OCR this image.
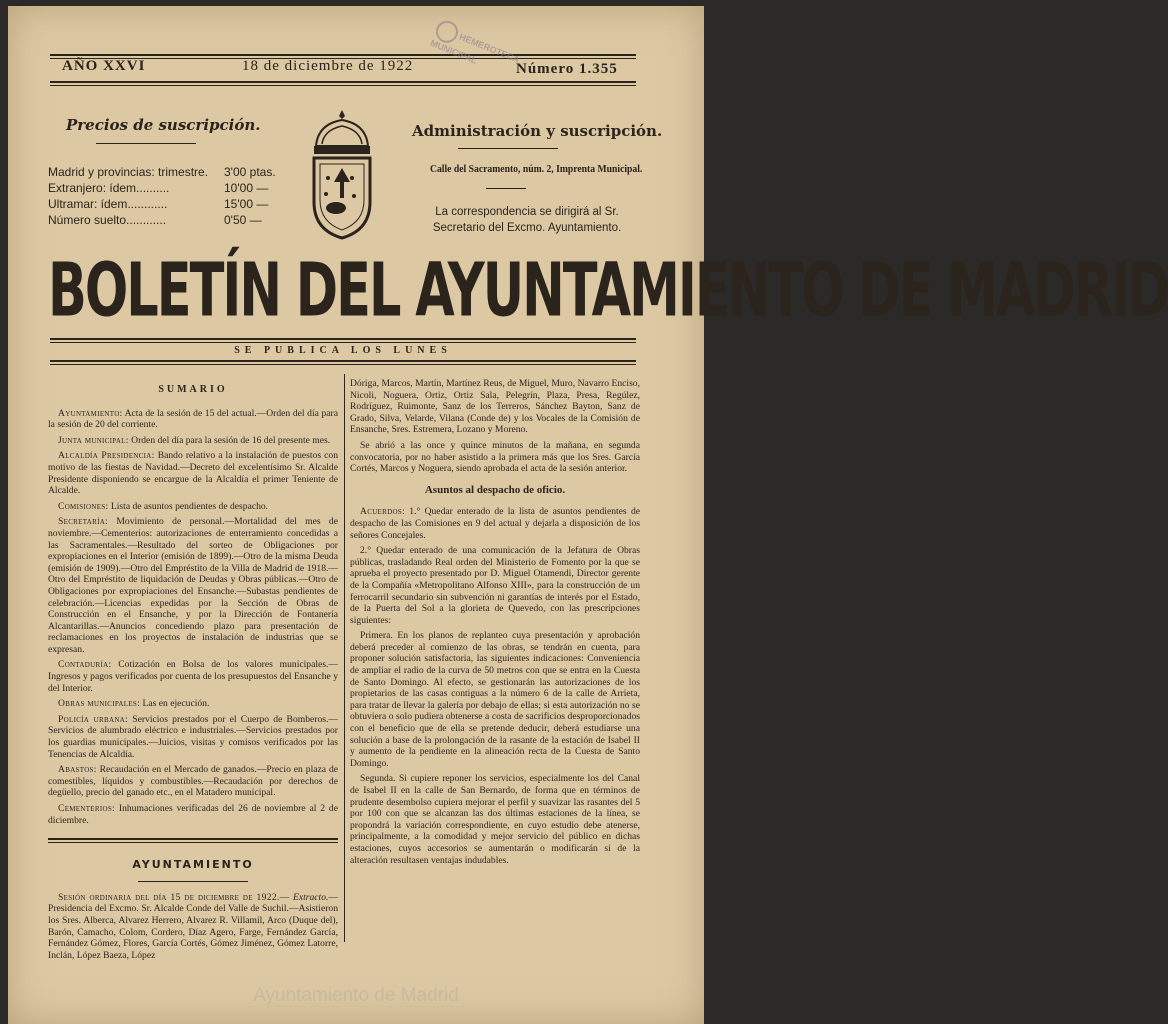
AÑO XXVI	18 de diciembre de 1922	Número 1.355
HEMEROTECA MUNICIPAL
Precios de suscripción.
Madrid y provincias: trimestre. 3'00 ptas.
Extranjero: ídem..........	10'00 —
Ultramar: ídem............	15'00 —
Número suelto............	0'50 —
Administración y suscripción.
Calle del Sacramento, núm. 2, Imprenta Municipal.
La correspondencia se dirigirá al Sr. Secretario del Excmo. Ayuntamiento.
BOLETÍN DEL AYUNTAMIENTO DE MADRID
SE PUBLICA LOS LUNES
SUMARIO

Ayuntamiento: Acta de la sesión de 15 del actual.—Orden del día para la sesión de 20 del corriente.

Junta municipal: Orden del día para la sesión de 16 del presente mes.

Alcaldía Presidencia: Bando relativo a la instalación de puestos con motivo de las fiestas de Navidad.—Decreto del excelentísimo Sr. Alcalde Presidente disponiendo se encargue de la Alcaldía el primer Teniente de Alcalde.

Comisiones: Lista de asuntos pendientes de despacho.

Secretaría: Movimiento de personal.—Mortalidad del mes de noviembre.—Cementerios: autorizaciones de enterramiento concedidas a las Sacramentales.—Resultado del sorteo de Obligaciones por expropiaciones en el Interior (emisión de 1899).—Otro de la misma Deuda (emisión de 1909).—Otro del Empréstito de la Villa de Madrid de 1918.—Otro del Empréstito de liquidación de Deudas y Obras públicas.—Otro de Obligaciones por expropiaciones del Ensanche.—Subastas pendientes de celebración.—Licencias expedidas por la Sección de Obras de Construcción en el Ensanche, y por la Dirección de Fontanería Alcantarillas.—Anuncios concediendo plazo para presentación de reclamaciones en los proyectos de instalación de industrias que se expresan.

Contaduría: Cotización en Bolsa de los valores municipales.—Ingresos y pagos verificados por cuenta de los presupuestos del Ensanche y del Interior.

Obras municipales: Las en ejecución.

Policía urbana: Servicios prestados por el Cuerpo de Bomberos.—Servicios de alumbrado eléctrico e industriales.—Servicios prestados por los guardias municipales.—Juicios, visitas y comisos verificados por las Tenencias de Alcaldía.

Abastos: Recaudación en el Mercado de ganados.—Precio en plaza de comestibles, líquidos y combustibles.—Recaudación por derechos de degüello, precio del ganado etc., en el Matadero municipal.

Cementerios: Inhumaciones verificadas del 26 de noviembre al 2 de diciembre.

AYUNTAMIENTO

Sesión ordinaria del día 15 de diciembre de 1922.— Extracto.—Presidencia del Excmo. Sr. Alcalde Conde del Valle de Suchil.—Asistieron los Sres. Alberca, Alvarez Herrero, Alvarez R. Villamil, Arco (Duque del), Barón, Camacho, Colom, Cordero, Díaz Agero, Farge, Fernández García, Fernández Gómez, Flores, García Cortés, Gómez Jiménez, Gómez Latorre, Inclán, López Baeza, López

Dóriga, Marcos, Martín, Martínez Reus, de Miguel, Muro, Navarro Enciso, Nicoli, Noguera, Ortiz, Ortiz Sala, Pelegrín, Plaza, Presa, Regúlez, Rodríguez, Ruimonte, Sanz de los Terreros, Sánchez Bayton, Sanz de Grado, Silva, Velarde, Vilana (Conde de) y los Vocales de la Comisión de Ensanche, Sres. Estremera, Lozano y Moreno.

Se abrió a las once y quince minutos de la mañana, en segunda convocatoria, por no haber asistido a la primera más que los Sres. García Cortés, Marcos y Noguera, siendo aprobada el acta de la sesión anterior.

Asuntos al despacho de oficio.

Acuerdos: 1.° Quedar enterado de la lista de asuntos pendientes de despacho de las Comisiones en 9 del actual y dejarla a disposición de los señores Concejales.

2.° Quedar enterado de una comunicación de la Jefatura de Obras públicas, trasladando Real orden del Ministerio de Fomento por la que se aprueba el proyecto presentado por D. Miguel Otamendi, Director gerente de la Compañía «Metropolitano Alfonso XIII», para la construcción de un ferrocarril secundario sin subvención ni garantías de interés por el Estado, de la Puerta del Sol a la glorieta de Quevedo, con las prescripciones siguientes:

Primera. En los planos de replanteo cuya presentación y aprobación deberá preceder al comienzo de las obras, se tendrán en cuenta, para proponer solución satisfactoria, las siguientes indicaciones: Conveniencia de ampliar el radio de la curva de 50 metros con que se entra en la Cuesta de Santo Domingo. Al efecto, se gestionarán las autorizaciones de los propietarios de las casas contiguas a la número 6 de la calle de Arrieta, para tratar de llevar la galería por debajo de ellas; si esta autorización no se obtuviera o solo pudiera obtenerse a costa de sacrificios desproporcionados con el beneficio que de ella se pretende deducir, deberá estudiarse una solución a base de la prolongación de la rasante de la estación de Isabel II y aumento de la pendiente en la alineación recta de la Cuesta de Santo Domingo.

Segunda. Si cupiere reponer los servicios, especialmente los del Canal de Isabel II en la calle de San Bernardo, de forma que en términos de prudente desembolso cupiera mejorar el perfil y suavizar las rasantes del 5 por 100 con que se alcanzan las dos últimas estaciones de la línea, se propondrá la variación correspondiente, en cuyo estudio debe atenerse, principalmente, a la comodidad y mejor servicio del público en dichas estaciones, cuyos accesorios se aumentarán o modificarán si de la alteración resultasen ventajas indudables.

Ayuntamiento de Madrid
